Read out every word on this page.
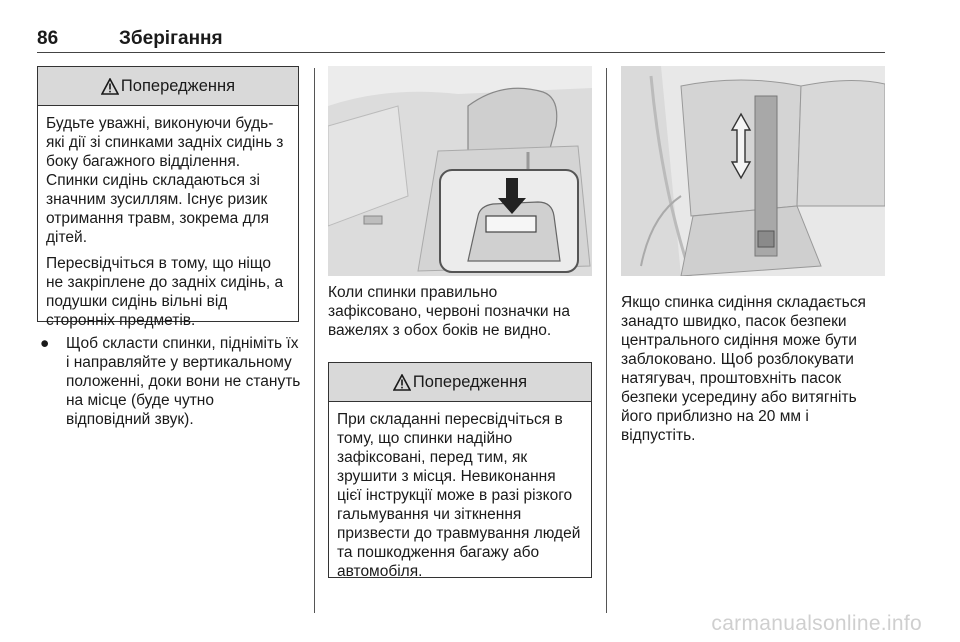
86	Зберігання
Попередження

Будьте уважні, виконуючи будь-які дії зі спинками задніх сидінь з боку багажного відділення. Спинки сидінь складаються зі значним зусиллям. Існує ризик отримання травм, зокрема для дітей.

Пересвідчіться в тому, що ніщо не закріплене до задніх сидінь, а подушки сидінь вільні від сторонніх предметів.

● Щоб скласти спинки, підніміть їх і направляйте у вертикальному положенні, доки вони не стануть на місце (буде чутно відповідний звук).
Коли спинки правильно зафіксовано, червоні позначки на важелях з обох боків не видно.
Попередження

При складанні пересвідчіться в тому, що спинки надійно зафіксовані, перед тим, як зрушити з місця. Невиконання цієї інструкції може в разі різкого гальмування чи зіткнення призвести до травмування людей та пошкодження багажу або автомобіля.

Якщо спинка сидіння складається занадто швидко, пасок безпеки центрального сидіння може бути заблоковано. Щоб розблокувати натягувач, проштовхніть пасок безпеки усередину або витягніть його приблизно на 20 мм і відпустіть.
carmanualsonline.info
